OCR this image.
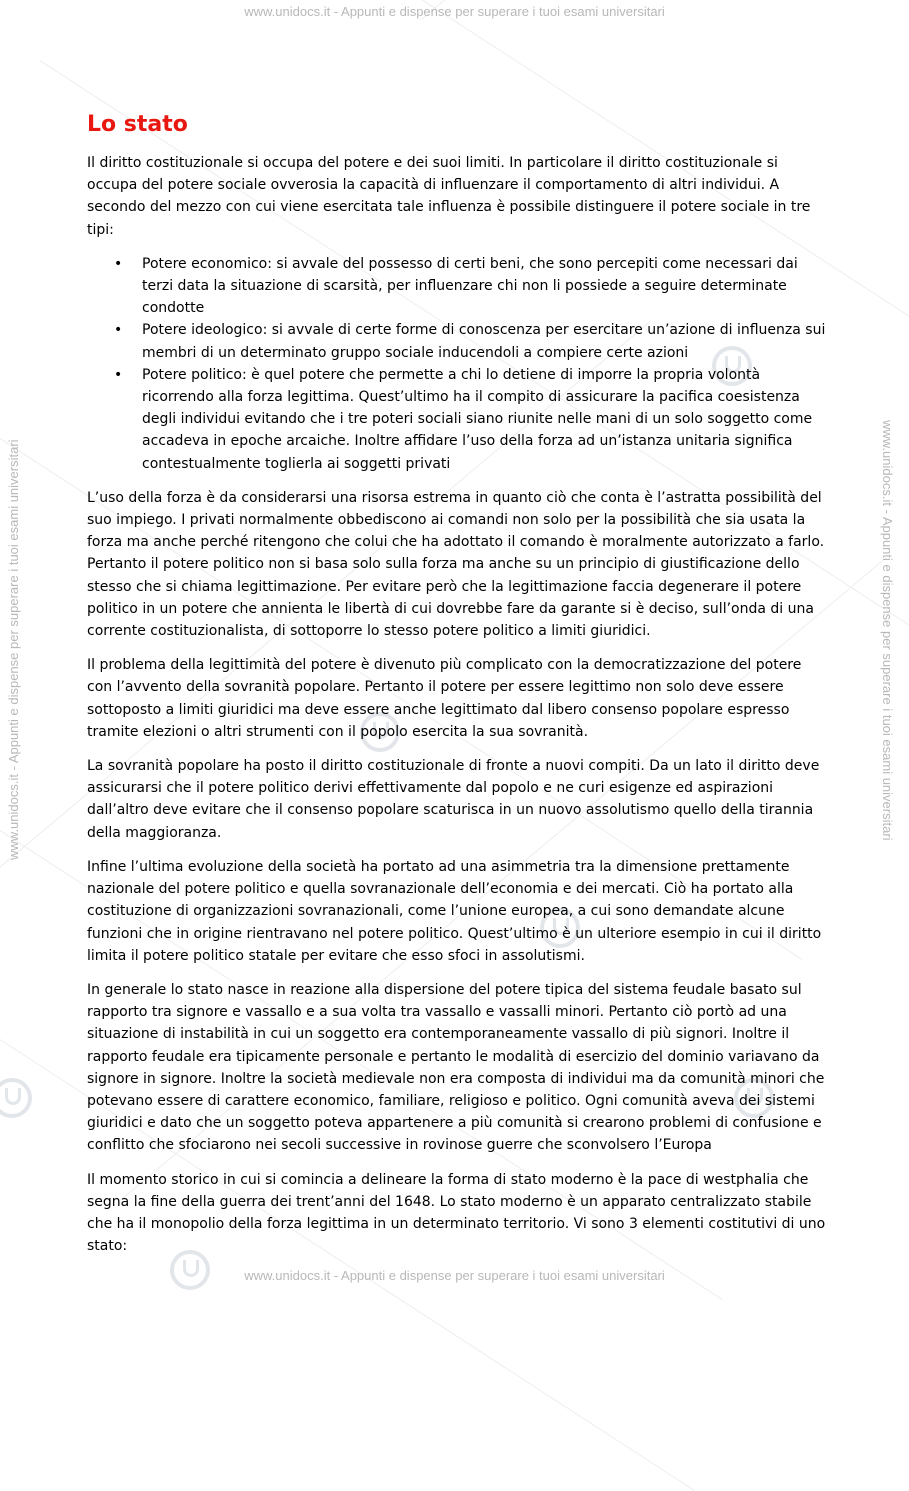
www.unidocs.it - Appunti e dispense per superare i tuoi esami universitari
www.unidocs.it - Appunti e dispense per superare i tuoi esami universitari
www.unidocs.it - Appunti e dispense per superare i tuoi esami universitari
www.unidocs.it - Appunti e dispense per superare i tuoi esami universitari
Lo stato

Il diritto costituzionale si occupa del potere e dei suoi limiti. In particolare il diritto costituzionale si occupa del potere sociale ovverosia la capacità di influenzare il comportamento di altri individui. A secondo del mezzo con cui viene esercitata tale influenza è possibile distinguere il potere sociale in tre tipi:

• Potere economico: si avvale del possesso di certi beni, che sono percepiti come necessari dai terzi data la situazione di scarsità, per influenzare chi non li possiede a seguire determinate condotte
• Potere ideologico: si avvale di certe forme di conoscenza per esercitare un’azione di influenza sui membri di un determinato gruppo sociale inducendoli a compiere certe azioni
• Potere politico: è quel potere che permette a chi lo detiene di imporre la propria volontà ricorrendo alla forza legittima. Quest’ultimo ha il compito di assicurare la pacifica coesistenza degli individui evitando che i tre poteri sociali siano riunite nelle mani di un solo soggetto come accadeva in epoche arcaiche. Inoltre affidare l’uso della forza ad un’istanza unitaria significa contestualmente toglierla ai soggetti privati

L’uso della forza è da considerarsi una risorsa estrema in quanto ciò che conta è l’astratta possibilità del suo impiego. I privati normalmente obbediscono ai comandi non solo per la possibilità che sia usata la forza ma anche perché ritengono che colui che ha adottato il comando è moralmente autorizzato a farlo. Pertanto il potere politico non si basa solo sulla forza ma anche su un principio di giustificazione dello stesso che si chiama legittimazione. Per evitare però che la legittimazione faccia degenerare il potere politico in un potere che annienta le libertà di cui dovrebbe fare da garante si è deciso, sull’onda di una corrente costituzionalista, di sottoporre lo stesso potere politico a limiti giuridici.

Il problema della legittimità del potere è divenuto più complicato con la democratizzazione del potere con l’avvento della sovranità popolare. Pertanto il potere per essere legittimo non solo deve essere sottoposto a limiti giuridici ma deve essere anche legittimato dal libero consenso popolare espresso tramite elezioni o altri strumenti con il popolo esercita la sua sovranità.

La sovranità popolare ha posto il diritto costituzionale di fronte a nuovi compiti. Da un lato il diritto deve assicurarsi che il potere politico derivi effettivamente dal popolo e ne curi esigenze ed aspirazioni dall’altro deve evitare che il consenso popolare scaturisca in un nuovo assolutismo quello della tirannia della maggioranza.

Infine l’ultima evoluzione della società ha portato ad una asimmetria tra la dimensione prettamente nazionale del potere politico e quella sovranazionale dell’economia e dei mercati. Ciò ha portato alla costituzione di organizzazioni sovranazionali, come l’unione europea, a cui sono demandate alcune funzioni che in origine rientravano nel potere politico. Quest’ultimo è un ulteriore esempio in cui il diritto limita il potere politico statale per evitare che esso sfoci in assolutismi.

In generale lo stato nasce in reazione alla dispersione del potere tipica del sistema feudale basato sul rapporto tra signore e vassallo e a sua volta tra vassallo e vassalli minori. Pertanto ciò portò ad una situazione di instabilità in cui un soggetto era contemporaneamente vassallo di più signori. Inoltre il rapporto feudale era tipicamente personale e pertanto le modalità di esercizio del dominio variavano da signore in signore. Inoltre la società medievale non era composta di individui ma da comunità minori che potevano essere di carattere economico, familiare, religioso e politico. Ogni comunità aveva dei sistemi giuridici e dato che un soggetto poteva appartenere a più comunità si crearono problemi di confusione e conflitto che sfociarono nei secoli successive in rovinose guerre che sconvolsero l’Europa

Il momento storico in cui si comincia a delineare la forma di stato moderno è la pace di westphalia che segna la fine della guerra dei trent’anni del 1648. Lo stato moderno è un apparato centralizzato stabile che ha il monopolio della forza legittima in un determinato territorio. Vi sono 3 elementi costitutivi di uno stato:
